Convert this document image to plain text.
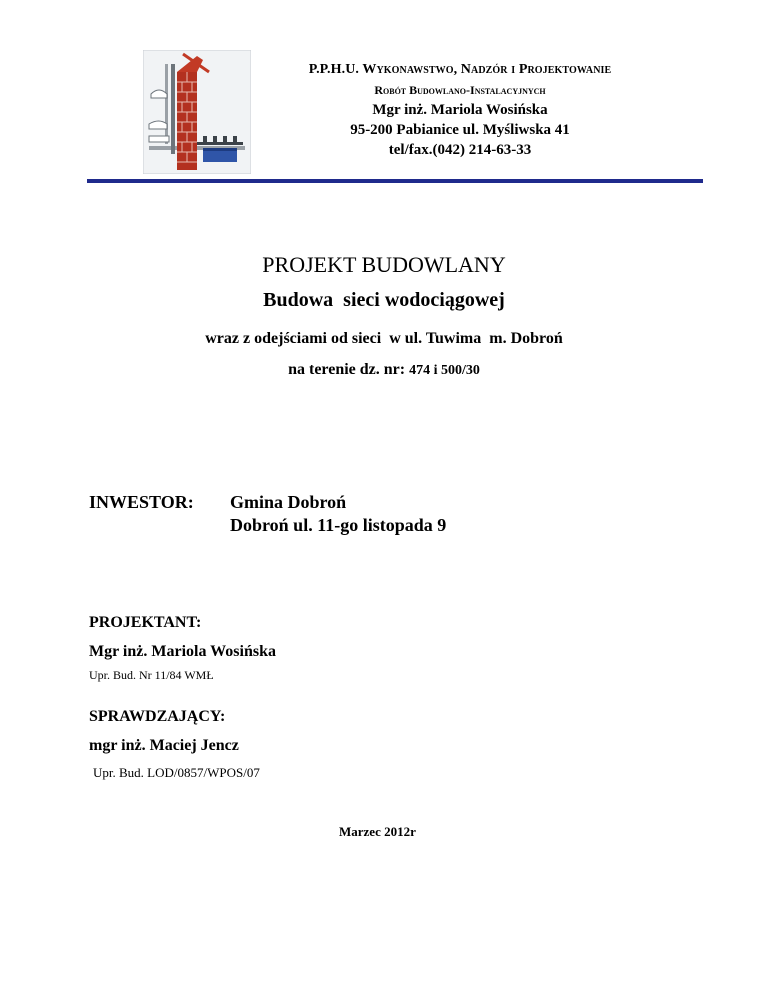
P.P.H.U. Wykonawstwo, Nadzór i Projektowanie
Robót Budowlano-Instalacyjnych
Mgr inż. Mariola Wosińska
95-200 Pabianice ul. Myśliwska 41
tel/fax.(042) 214-63-33
PROJEKT BUDOWLANY
Budowa  sieci wodociągowej
wraz z odejściami od sieci  w ul. Tuwima  m. Dobroń
na terenie dz. nr: 474 i 500/30
INWESTOR: Gmina Dobroń
Dobroń ul. 11-go listopada 9
PROJEKTANT:
Mgr inż. Mariola Wosińska
Upr. Bud. Nr 11/84 WMŁ
SPRAWDZAJĄCY:
mgr inż. Maciej Jencz
Upr. Bud. LOD/0857/WPOS/07
Marzec 2012r
